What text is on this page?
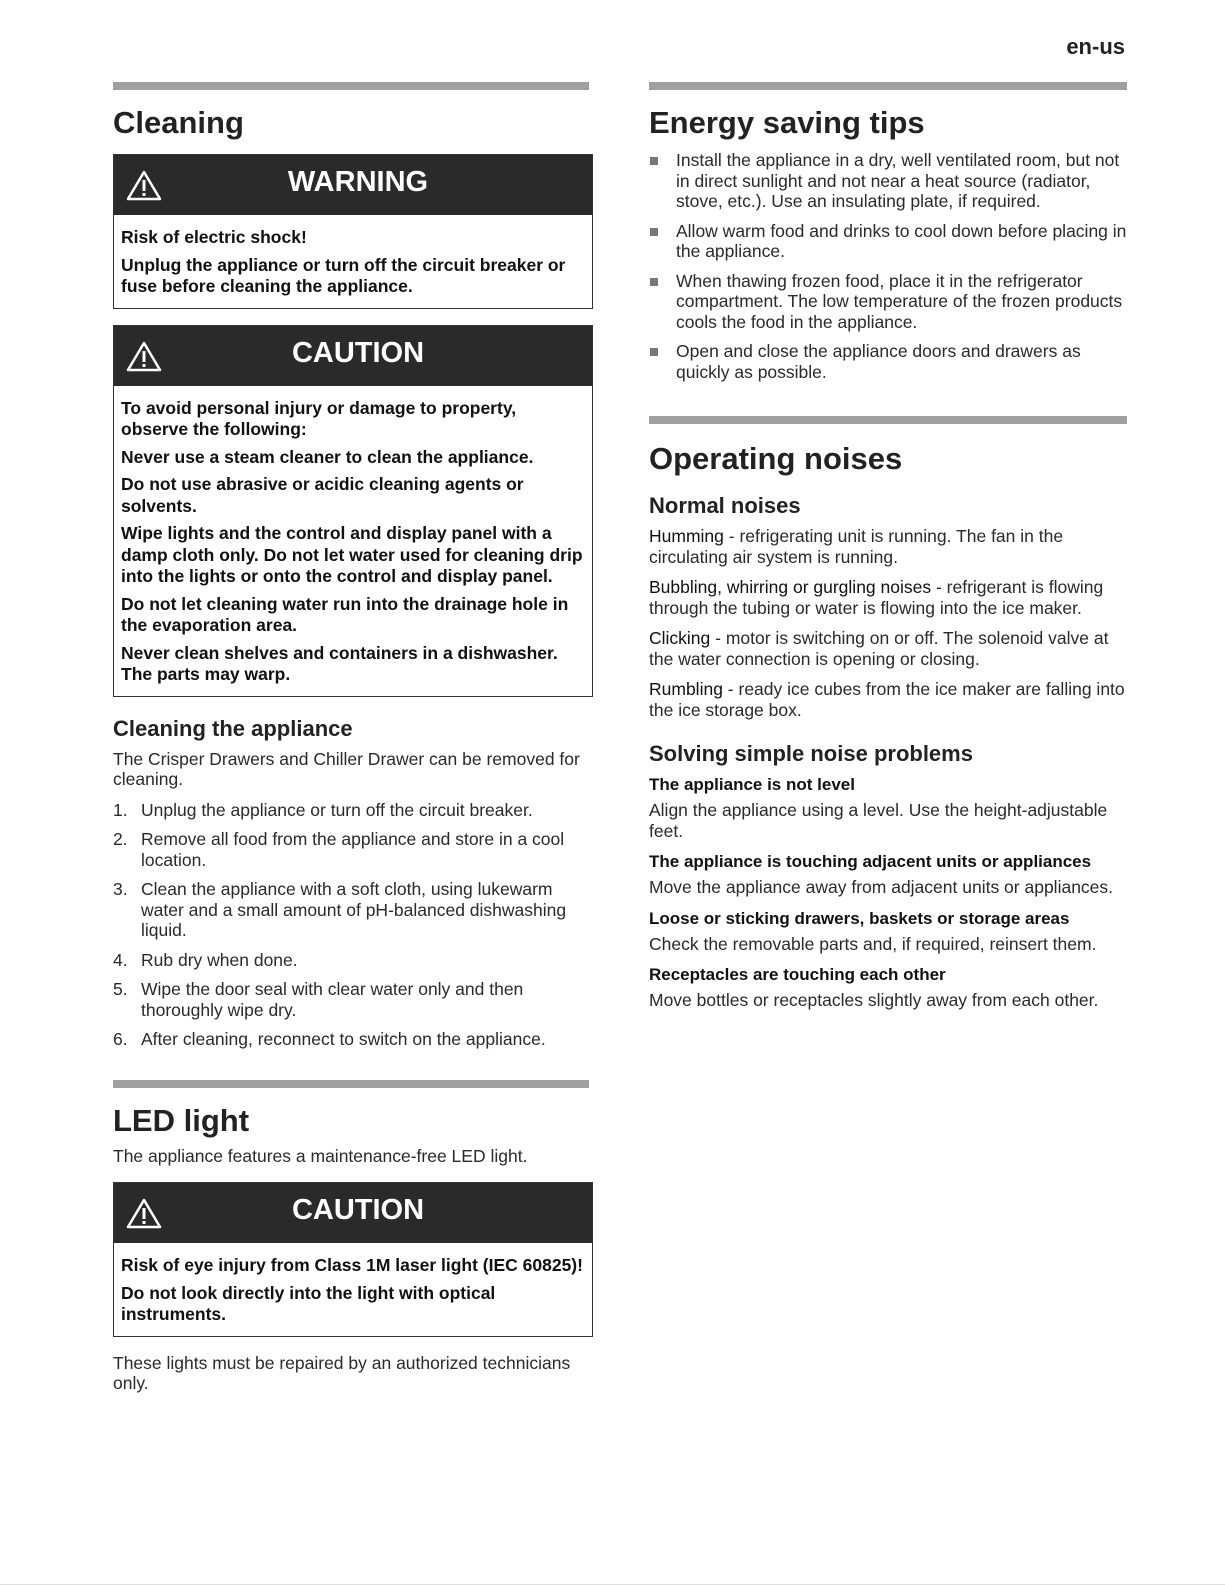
en-us
Cleaning
WARNING

Risk of electric shock!

Unplug the appliance or turn off the circuit breaker or fuse before cleaning the appliance.

CAUTION

To avoid personal injury or damage to property, observe the following:

Never use a steam cleaner to clean the appliance.

Do not use abrasive or acidic cleaning agents or solvents.

Wipe lights and the control and display panel with a damp cloth only. Do not let water used for cleaning drip into the lights or onto the control and display panel.

Do not let cleaning water run into the drainage hole in the evaporation area.

Never clean shelves and containers in a dishwasher. The parts may warp.

Cleaning the appliance

The Crisper Drawers and Chiller Drawer can be removed for cleaning.

1. Unplug the appliance or turn off the circuit breaker.
2. Remove all food from the appliance and store in a cool location.
3. Clean the appliance with a soft cloth, using lukewarm water and a small amount of pH-balanced dishwashing liquid.
4. Rub dry when done.
5. Wipe the door seal with clear water only and then thoroughly wipe dry.
6. After cleaning, reconnect to switch on the appliance.
LED light

The appliance features a maintenance-free LED light.

CAUTION

Risk of eye injury from Class 1M laser light (IEC 60825)!

Do not look directly into the light with optical instruments.

These lights must be repaired by an authorized technicians only.

Energy saving tips
Install the appliance in a dry, well ventilated room, but not in direct sunlight and not near a heat source (radiator, stove, etc.). Use an insulating plate, if required.
Allow warm food and drinks to cool down before placing in the appliance.
When thawing frozen food, place it in the refrigerator compartment. The low temperature of the frozen products cools the food in the appliance.
Open and close the appliance doors and drawers as quickly as possible.
Operating noises
Normal noises

Humming - refrigerating unit is running. The fan in the circulating air system is running.

Bubbling, whirring or gurgling noises - refrigerant is flowing through the tubing or water is flowing into the ice maker.

Clicking - motor is switching on or off. The solenoid valve at the water connection is opening or closing.

Rumbling - ready ice cubes from the ice maker are falling into the ice storage box.

Solving simple noise problems
The appliance is not level

Align the appliance using a level. Use the height-adjustable feet.

The appliance is touching adjacent units or appliances

Move the appliance away from adjacent units or appliances.

Loose or sticking drawers, baskets or storage areas

Check the removable parts and, if required, reinsert them.

Receptacles are touching each other

Move bottles or receptacles slightly away from each other.
